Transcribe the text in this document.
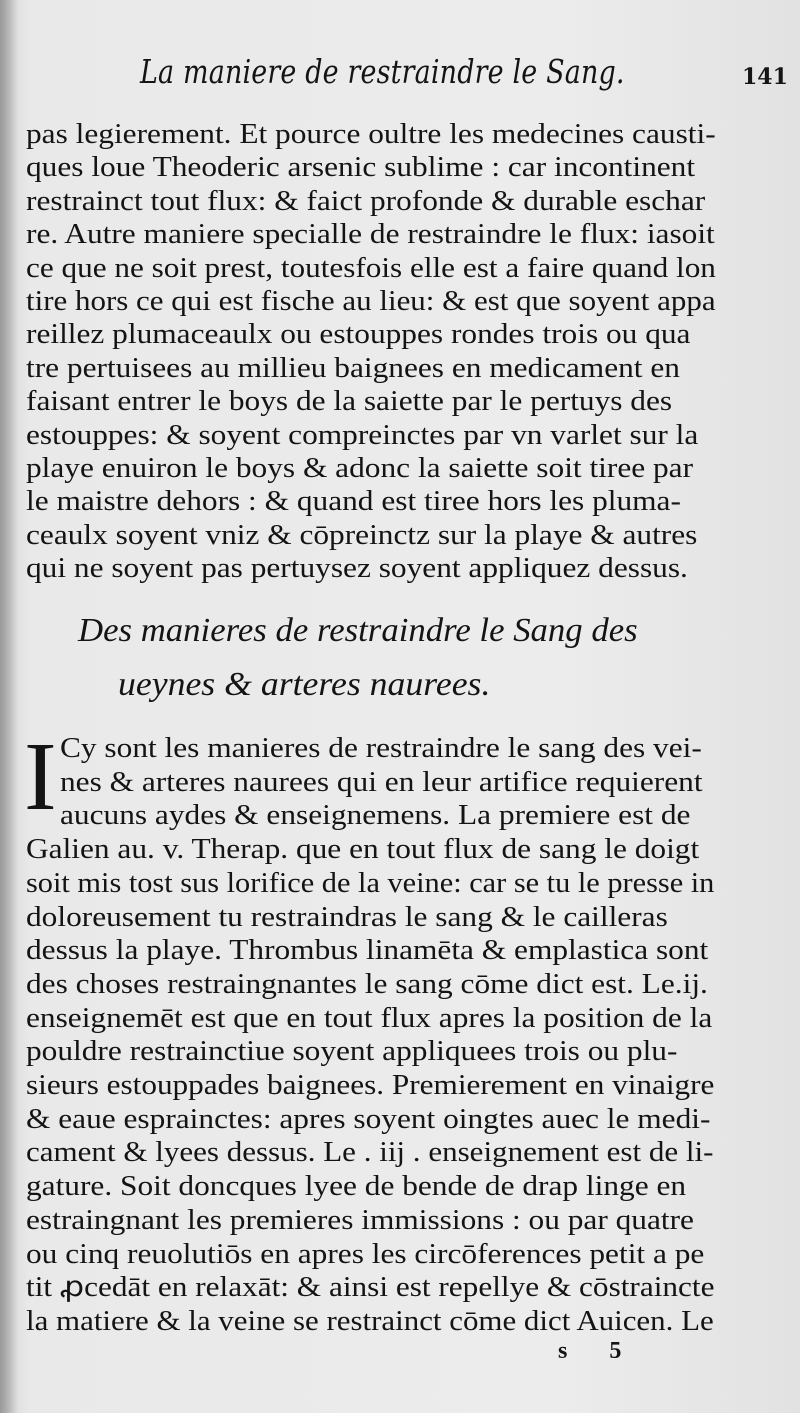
La maniere de restraindre le Sang.	141
pas legierement. Et pource oultre les medecines causti-
ques loue Theoderic arsenic sublime : car incontinent
restrainct tout flux: & faict profonde & durable eschar
re. Autre maniere specialle de restraindre le flux: iasoit
ce que ne soit prest, toutesfois elle est a faire quand lon
tire hors ce qui est fische au lieu: & est que soyent appa
reillez plumaceaulx ou estouppes rondes trois ou qua
tre pertuisees au millieu baignees en medicament en
faisant entrer le boys de la saiette par le pertuys des
estouppes: & soyent compreinctes par vn varlet sur la
playe enuiron le boys & adonc la saiette soit tiree par
le maistre dehors : & quand est tiree hors les pluma-
ceaulx soyent vniz & cōpreinctz sur la playe & autres
qui ne soyent pas pertuysez soyent appliquez dessus.
Des manieres de restraindre le Sang des
ueynes & arteres naurees.
I Cy sont les manieres de restraindre le sang des vei-
nes & arteres naurees qui en leur artifice requierent
aucuns aydes & enseignemens. La premiere est de
Galien au. v. Therap. que en tout flux de sang le doigt
soit mis tost sus lorifice de la veine: car se tu le presse in
doloreusement tu restraindras le sang & le cailleras
dessus la playe. Thrombus linamēta & emplastica sont
des choses restraingnantes le sang cōme dict est. Le.ij.
enseignemēt est que en tout flux apres la position de la
pouldre restrainctiue soyent appliquees trois ou plu-
sieurs estouppades baignees. Premierement en vinaigre
& eaue esprainctes: apres soyent oingtes auec le medi-
cament & lyees dessus. Le . iij . enseignement est de li-
gature. Soit doncques lyee de bende de drap linge en
estraingnant les premieres immissions : ou par quatre
ou cinq reuolutiōs en apres les circōferences petit a pe
tit ꝓcedāt en relaxāt: & ainsi est repellye & cōstraincte
la matiere & la veine se restrainct cōme dict Auicen. Le
s 5
